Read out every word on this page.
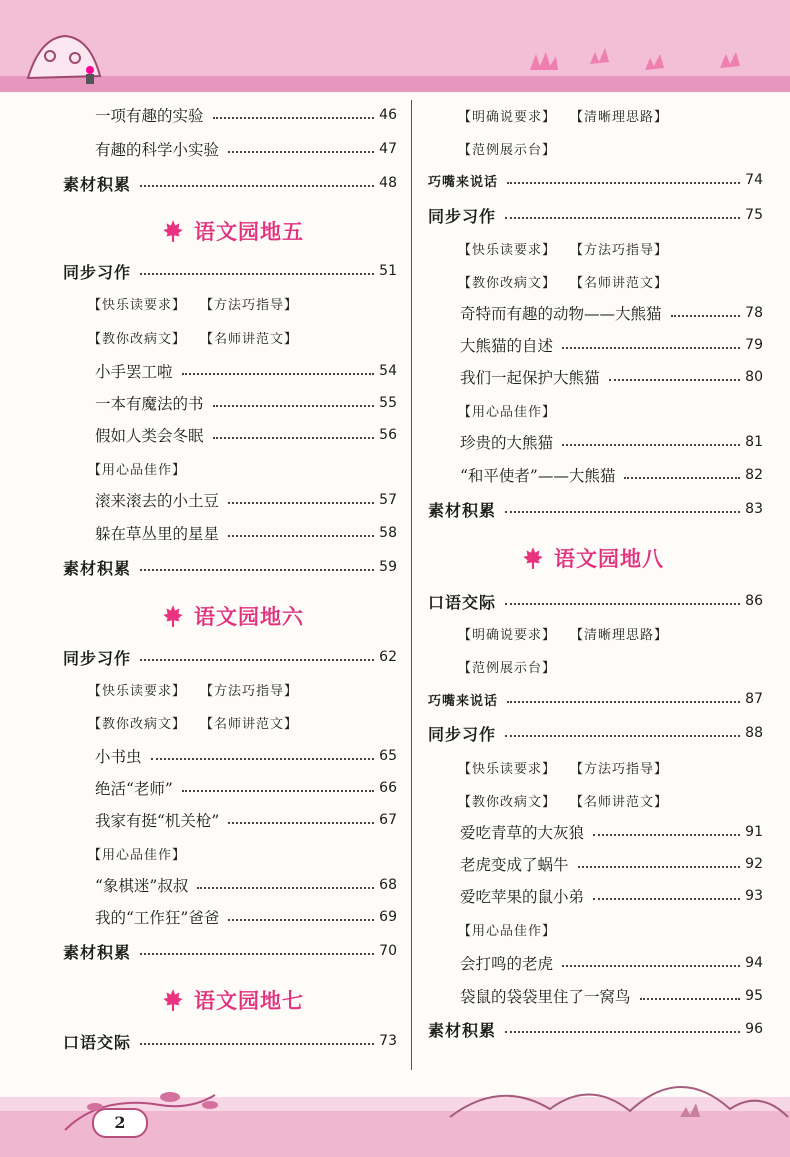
2
一项有趣的实验	46
有趣的科学小实验	47
素材积累	48
语文园地五
同步习作	51
【快乐读要求】 【方法巧指导】
【教你改病文】 【名师讲范文】
小手罢工啦	54
一本有魔法的书	55
假如人类会冬眠	56
【用心品佳作】
滚来滚去的小土豆	57
躲在草丛里的星星	58
素材积累	59
语文园地六
同步习作	62
【快乐读要求】 【方法巧指导】
【教你改病文】 【名师讲范文】
小书虫	65
绝活“老师”	66
我家有挺“机关枪”	67
【用心品佳作】
“象棋迷”叔叔	68
我的“工作狂”爸爸	69
素材积累	70
语文园地七
口语交际	73
【明确说要求】 【清晰理思路】
【范例展示台】
巧嘴来说话	74
同步习作	75
【快乐读要求】 【方法巧指导】
【教你改病文】 【名师讲范文】
奇特而有趣的动物——大熊猫	78
大熊猫的自述	79
我们一起保护大熊猫	80
【用心品佳作】
珍贵的大熊猫	81
“和平使者”——大熊猫	82
素材积累	83
语文园地八
口语交际	86
【明确说要求】 【清晰理思路】
【范例展示台】
巧嘴来说话	87
同步习作	88
【快乐读要求】 【方法巧指导】
【教你改病文】 【名师讲范文】
爱吃青草的大灰狼	91
老虎变成了蜗牛	92
爱吃苹果的鼠小弟	93
【用心品佳作】
会打鸣的老虎	94
袋鼠的袋袋里住了一窝鸟	95
素材积累	96
